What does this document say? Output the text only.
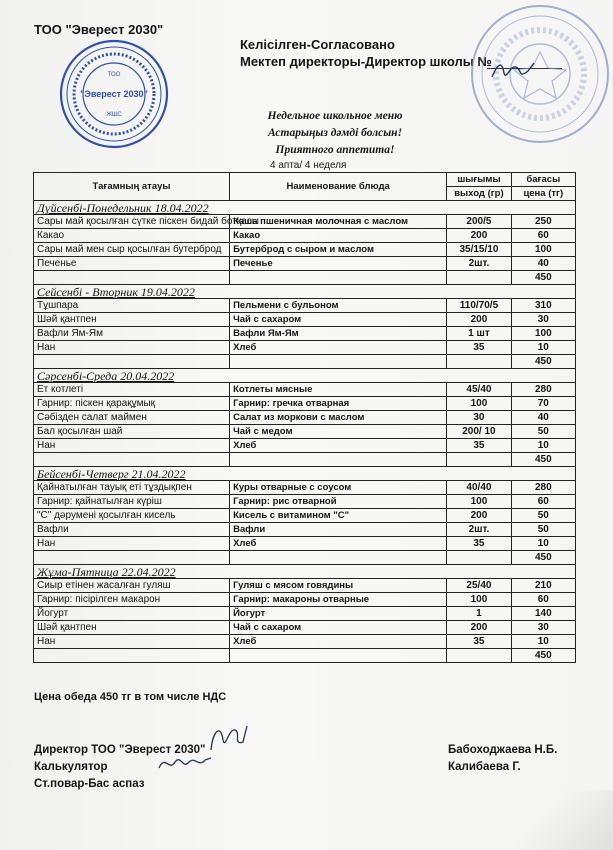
ТОО "Эверест 2030"
ТОО
"Эверест 2030"
ЖШС
Келісілген-Согласовано
Мектеп директоры-Директор школы №
Недельное школьное меню
Астарыңыз дәмді болсын!
Приятного аппетита!
4 апта/ 4 неделя
Тағамның атауы	Наименование блюда	шығымы	бағасы
выход (гр)	цена (тг)
Дүйсенбі-Понедельник 18.04.2022
Сары май қосылған сүтке піскен бидай ботқасы	Каша пшеничная молочная с маслом	200/5	250
Какао	Какао	200	60
Сары май мен сыр қосылған бутерброд	Бутерброд с сыром и маслом	35/15/10	100
Печенье	Печенье	2шт.	40
			450
Сейсенбі - Вторник 19.04.2022
Тұшпара	Пельмени с бульоном	110/70/5	310
Шәй қантпен	Чай с сахаром	200	30
Вафли Ям-Ям	Вафли Ям-Ям	1 шт	100
Нан	Хлеб	35	10
			450
Сәрсенбі-Среда 20.04.2022
Ет котлеті	Котлеты мясные	45/40	280
Гарнир: піскен қарақұмық	Гарнир: гречка отварная	100	70
Сәбізден салат маймен	Салат из моркови с маслом	30	40
Бал қосылған шай	Чай с медом	200/ 10	50
Нан	Хлеб	35	10
			450
Бейсенбі-Четверг 21.04.2022
Қайнатылған тауық еті тұздықпен	Куры отварные с соусом	40/40	280
Гарнир: қайнатылған күріш	Гарнир: рис отварной	100	60
"С" дәрумені қосылған кисель	Кисель с витамином "С"	200	50
Вафли	Вафли	2шт.	50
Нан	Хлеб	35	10
			450
Жұма-Пятница 22.04.2022
Сиыр етінен жасалған гуляш	Гуляш с мясом говядины	25/40	210
Гарнир: пісірілген макарон	Гарнир: макароны отварные	100	60
Йогурт	Йогурт	1	140
Шәй қантпен	Чай с сахаром	200	30
Нан	Хлеб	35	10
			450
Цена обеда 450 тг в том числе НДС
Директор ТОО "Эверест 2030"
Калькулятор
Ст.повар-Бас аспаз
Бабоходжаева Н.Б.
Калибаева Г.
